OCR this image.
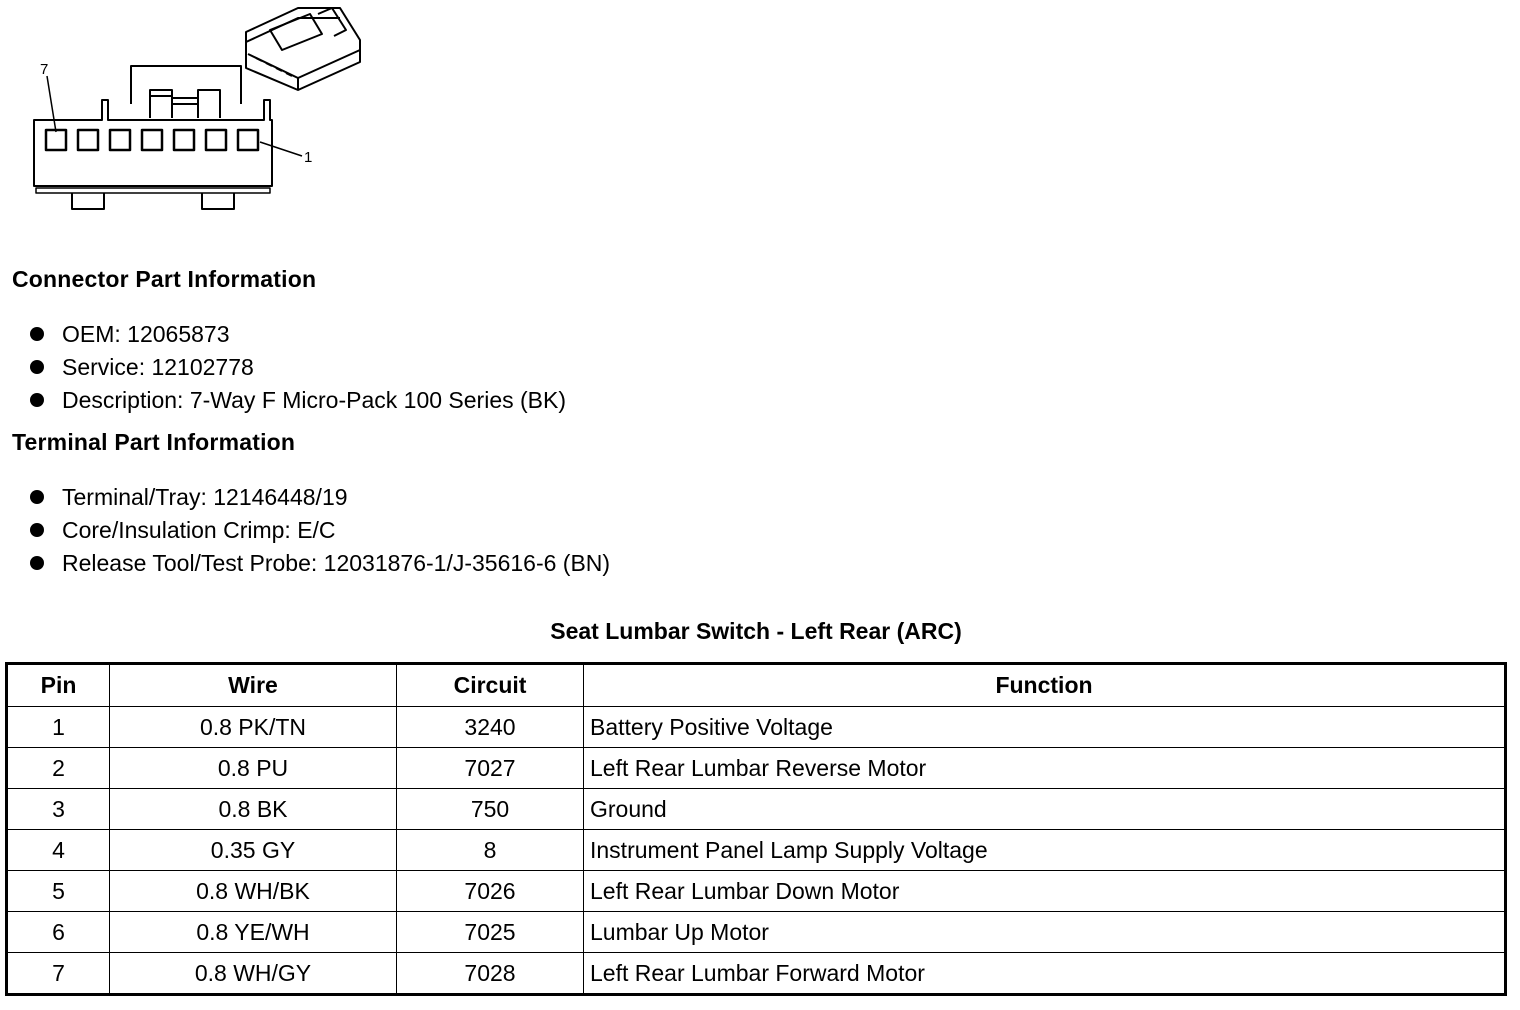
7
1
Connector Part Information
OEM: 12065873
Service: 12102778
Description: 7-Way F Micro-Pack 100 Series (BK)
Terminal Part Information
Terminal/Tray: 12146448/19
Core/Insulation Crimp: E/C
Release Tool/Test Probe: 12031876-1/J-35616-6 (BN)
Seat Lumbar Switch - Left Rear (ARC)
Pin	Wire	Circuit	Function
1	0.8 PK/TN	3240	Battery Positive Voltage
2	0.8 PU	7027	Left Rear Lumbar Reverse Motor
3	0.8 BK	750	Ground
4	0.35 GY	8	Instrument Panel Lamp Supply Voltage
5	0.8 WH/BK	7026	Left Rear Lumbar Down Motor
6	0.8 YE/WH	7025	Lumbar Up Motor
7	0.8 WH/GY	7028	Left Rear Lumbar Forward Motor
